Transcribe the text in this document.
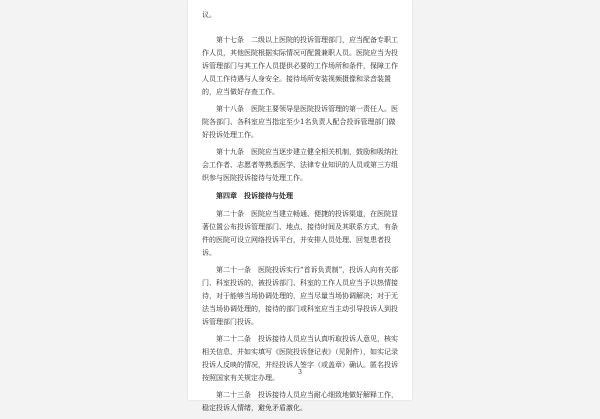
议。

第十七条　二级以上医院的投诉管理部门，应当配备专职工作人员，其他医院根据实际情况可配置兼职人员。医院应当为投诉管理部门与其工作人员提供必要的工作场所和条件，保障工作人员工作待遇与人身安全。接待场所安装视频摄像和录音装置的，应当做好存查工作。

第十八条　医院主要领导是医院投诉管理的第一责任人。医院各部门、各科室应当指定至少1名负责人配合投诉管理部门做好投诉处理工作。

第十九条　医院应当逐步建立健全相关机制，鼓励和吸纳社会工作者、志愿者等熟悉医学、法律专业知识的人员或第三方组织参与医院投诉接待与处理工作。

第四章　投诉接待与处理

第二十条　医院应当建立畅通、便捷的投诉渠道，在医院显著位置公布投诉管理部门、地点、接待时间及其联系方式，有条件的医院可设立网络投诉平台，并安排人员处理、回复患者投诉。

第二十一条　医院投诉实行“首诉负责制”，投诉人向有关部门、科室投诉的，被投诉部门、科室的工作人员应当予以热情接待，对于能够当场协调处理的，应当尽量当场协调解决；对于无法当场协调处理的，接待的部门或科室应当主动引导投诉人到投诉管理部门投诉。

第二十二条　投诉接待人员应当认真听取投诉人意见，核实相关信息，并如实填写《医院投诉登记表》（见附件），如实记录投诉人反映的情况，并经投诉人签字（或盖章）确认。匿名投诉按照国家有关规定办理。

第二十三条　投诉接待人员应当耐心细致地做好解释工作，稳定投诉人情绪，避免矛盾激化。

3
